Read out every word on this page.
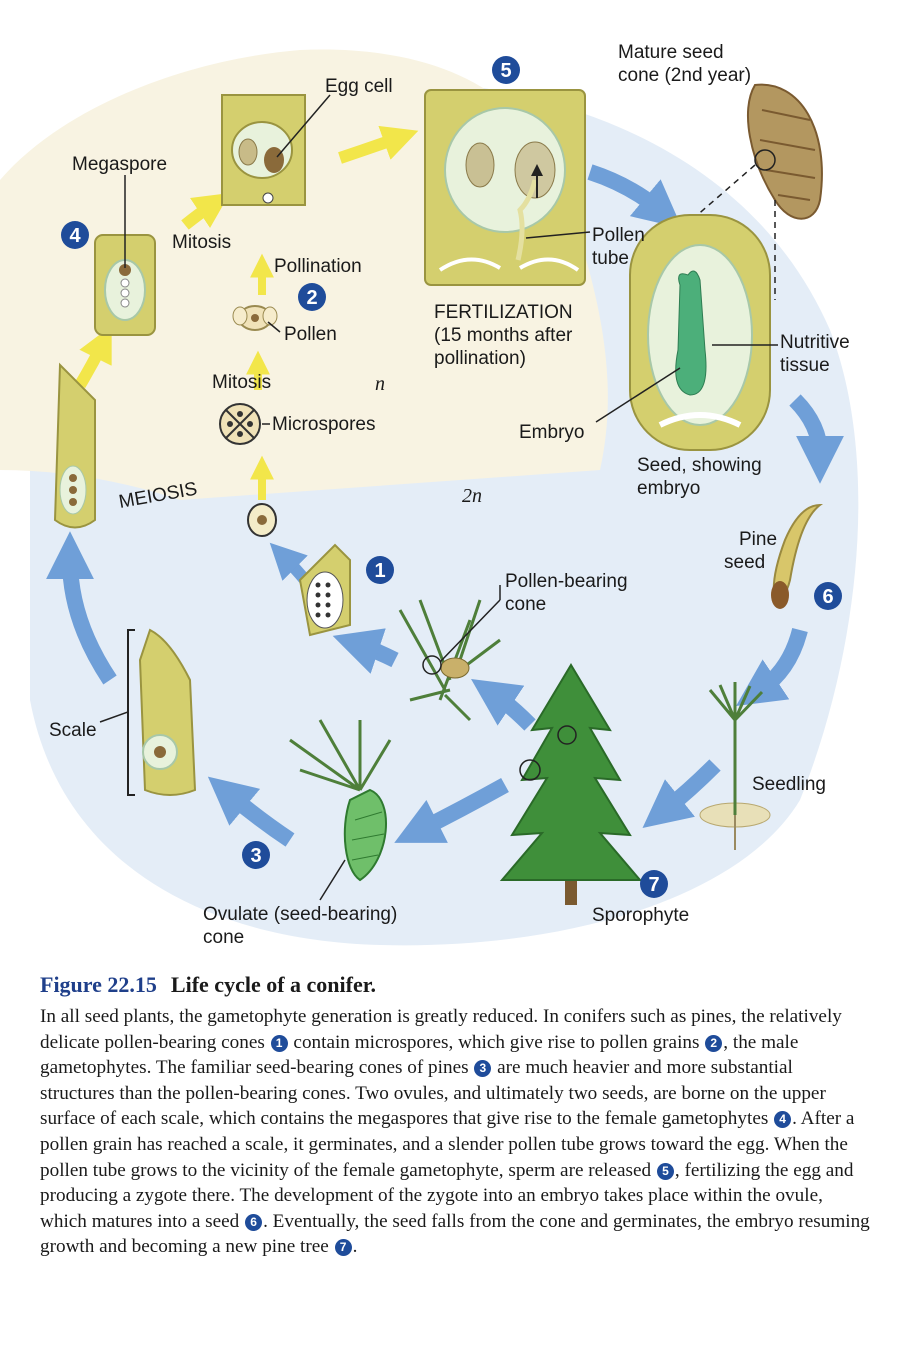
Egg cell
Mature seed
cone (2nd year)
Megaspore
Mitosis
Pollination
Pollen
Pollen
tube
FERTILIZATION
(15 months after
pollination)
Nutritive
tissue
Mitosis	n
Microspores	Embryo
Seed, showing
embryo
MEIOSIS	2n
Pine
seed
Pollen-bearing
cone
Scale
Seedling
Ovulate (seed-bearing)
cone
Sporophyte
1
2
3
4
5
6
7

Figure 22.15 Life cycle of a conifer.

In all seed plants, the gametophyte generation is greatly reduced. In conifers such as pines, the relatively delicate pollen-bearing cones 1 contain microspores, which give rise to pollen grains 2 , the male gametophytes. The familiar seed-bearing cones of pines 3 are much heavier and more substantial structures than the pollen-bearing cones. Two ovules, and ultimately two seeds, are borne on the upper surface of each scale, which contains the megaspores that give rise to the female gametophytes 4 . After a pollen grain has reached a scale, it germinates, and a slender pollen tube grows toward the egg. When the pollen tube grows to the vicinity of the female gametophyte, sperm are released 5 , fertilizing the egg and producing a zygote there. The development of the zygote into an embryo takes place within the ovule, which matures into a seed 6 . Eventually, the seed falls from the cone and germinates, the embryo resuming growth and becoming a new pine tree 7 .
